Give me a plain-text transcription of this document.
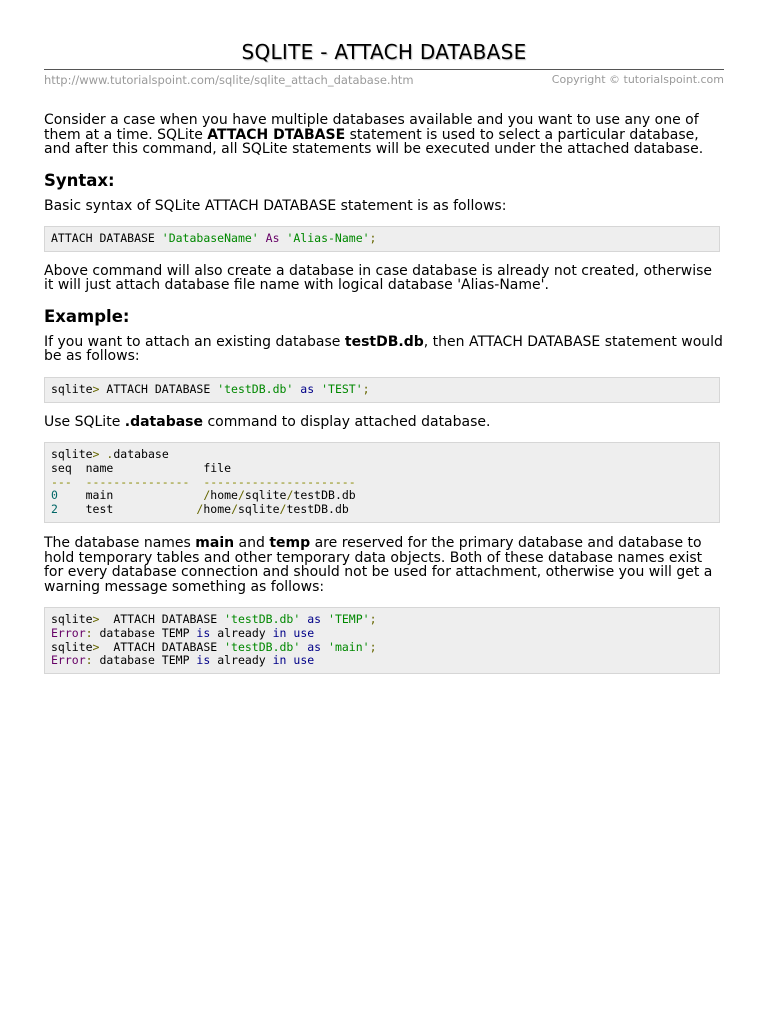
SQLITE - ATTACH DATABASE
http://www.tutorialspoint.com/sqlite/sqlite_attach_database.htm	Copyright © tutorialspoint.com

Consider a case when you have multiple databases available and you want to use any one of them at a time. SQLite ATTACH DTABASE statement is used to select a particular database, and after this command, all SQLite statements will be executed under the attached database.

Syntax:

Basic syntax of SQLite ATTACH DATABASE statement is as follows:

ATTACH DATABASE 'DatabaseName' As 'Alias-Name';

Above command will also create a database in case database is already not created, otherwise it will just attach database file name with logical database 'Alias-Name'.

Example:

If you want to attach an existing database testDB.db, then ATTACH DATABASE statement would be as follows:

sqlite> ATTACH DATABASE 'testDB.db' as 'TEST';

Use SQLite .database command to display attached database.

sqlite> .database
seq  name             file
---  ---------------  ----------------------
0    main             /home/sqlite/testDB.db
2    test            /home/sqlite/testDB.db

The database names main and temp are reserved for the primary database and database to hold temporary tables and other temporary data objects. Both of these database names exist for every database connection and should not be used for attachment, otherwise you will get a warning message something as follows:

sqlite>  ATTACH DATABASE 'testDB.db' as 'TEMP';
Error: database TEMP is already in use
sqlite>  ATTACH DATABASE 'testDB.db' as 'main';
Error: database TEMP is already in use
